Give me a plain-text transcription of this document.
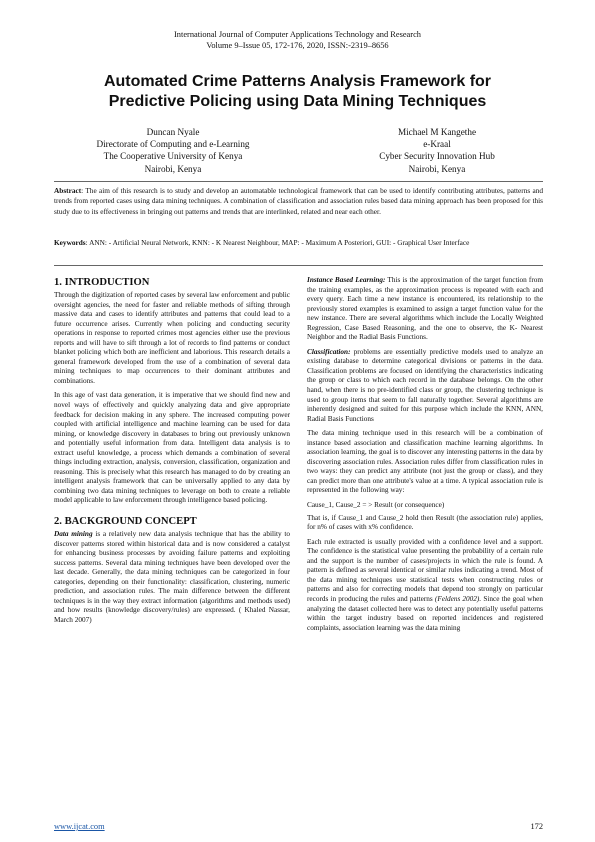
International Journal of Computer Applications Technology and Research
Volume 9–Issue 05, 172-176, 2020, ISSN:-2319–8656
Automated Crime Patterns Analysis Framework for
Predictive Policing using Data Mining Techniques
Duncan Nyale
Directorate of Computing and e-Learning
The Cooperative University of Kenya
Nairobi, Kenya
Michael M Kangethe
e-Kraal
Cyber Security Innovation Hub
Nairobi, Kenya
Abstract: The aim of this research is to study and develop an automatable technological framework that can be used to identify contributing attributes, patterns and trends from reported cases using data mining techniques. A combination of classification and association rules based data mining approach has been proposed for this study due to its effectiveness in bringing out patterns and trends that are interlinked, related and near each other.
Keywords: ANN: - Artificial Neural Network, KNN: - K Nearest Neighbour, MAP: - Maximum A Posteriori, GUI: - Graphical User Interface
1. INTRODUCTION

Through the digitization of reported cases by several law enforcement and public oversight agencies, the need for faster and reliable methods of sifting through massive data and cases to identify attributes and patterns that could lead to a future occurrence arises. Currently when policing and conducting security operations in response to reported crimes most agencies either use the previous reports and will have to sift through a lot of records to find patterns or conduct blanket policing which both are inefficient and laborious. This research details a general framework developed from the use of a combination of several data mining techniques to map occurrences to their dominant attributes and combinations.

In this age of vast data generation, it is imperative that we should find new and novel ways of effectively and quickly analyzing data and give appropriate feedback for decision making in any sphere. The increased computing power coupled with artificial intelligence and machine learning can be used for data mining, or knowledge discovery in databases to bring out previously unknown and potentially useful information from data. Intelligent data analysis is to extract useful knowledge, a process which demands a combination of several things including extraction, analysis, conversion, classification, organization and reasoning. This is precisely what this research has managed to do by creating an intelligent analysis framework that can be universally applied to any data by combining two data mining techniques to leverage on both to create a reliable model applicable to law enforcement through intelligence based policing.

2. BACKGROUND CONCEPT

Data mining is a relatively new data analysis technique that has the ability to discover patterns stored within historical data and is now considered a catalyst for enhancing business processes by avoiding failure patterns and exploiting success patterns. Several data mining techniques have been developed over the last decade. Generally, the data mining techniques can be categorized in four categories, depending on their functionality: classification, clustering, numeric prediction, and association rules. The main difference between the different techniques is in the way they extract information (algorithms and methods used) and how results (knowledge discovery/rules) are expressed. ( Khaled Nassar, March 2007)

Instance Based Learning: This is the approximation of the target function from the training examples, as the approximation process is repeated with each and every query. Each time a new instance is encountered, its relationship to the previously stored examples is examined to assign a target function value for the new instance. There are several algorithms which include the Locally Weighted Regression, Case Based Reasoning, and the one to observe, the K- Nearest Neighbor and the Radial Basis Functions.

Classification: problems are essentially predictive models used to analyze an existing database to determine categorical divisions or patterns in the data. Classification problems are focused on identifying the characteristics indicating the group or class to which each record in the database belongs. On the other hand, when there is no pre-identified class or group, the clustering technique is used to group items that seem to fall naturally together. Several algorithms are inherently designed and suited for this purpose which include the KNN, ANN, Radial Basis Functions

The data mining technique used in this research will be a combination of instance based association and classification machine learning algorithms. In association learning, the goal is to discover any interesting patterns in the data by discovering association rules. Association rules differ from classification rules in two ways: they can predict any attribute (not just the group or class), and they can predict more than one attribute's value at a time. A typical association rule is represented in the following way:

Cause_1, Cause_2 = > Result (or consequence)

That is, if Cause_1 and Cause_2 hold then Result (the association rule) applies, for n% of cases with x% confidence.

Each rule extracted is usually provided with a confidence level and a support. The confidence is the statistical value presenting the probability of a certain rule and the support is the number of cases/projects in which the rule is found. A pattern is defined as several identical or similar rules indicating a trend. Most of the data mining techniques use statistical tests when constructing rules or patterns and also for correcting models that depend too strongly on particular records in producing the rules and patterns (Feldens 2002). Since the goal when analyzing the dataset collected here was to detect any potentially useful patterns within the target industry based on reported incidences and registered complaints, association learning was the data mining

www.ijcat.com	172
